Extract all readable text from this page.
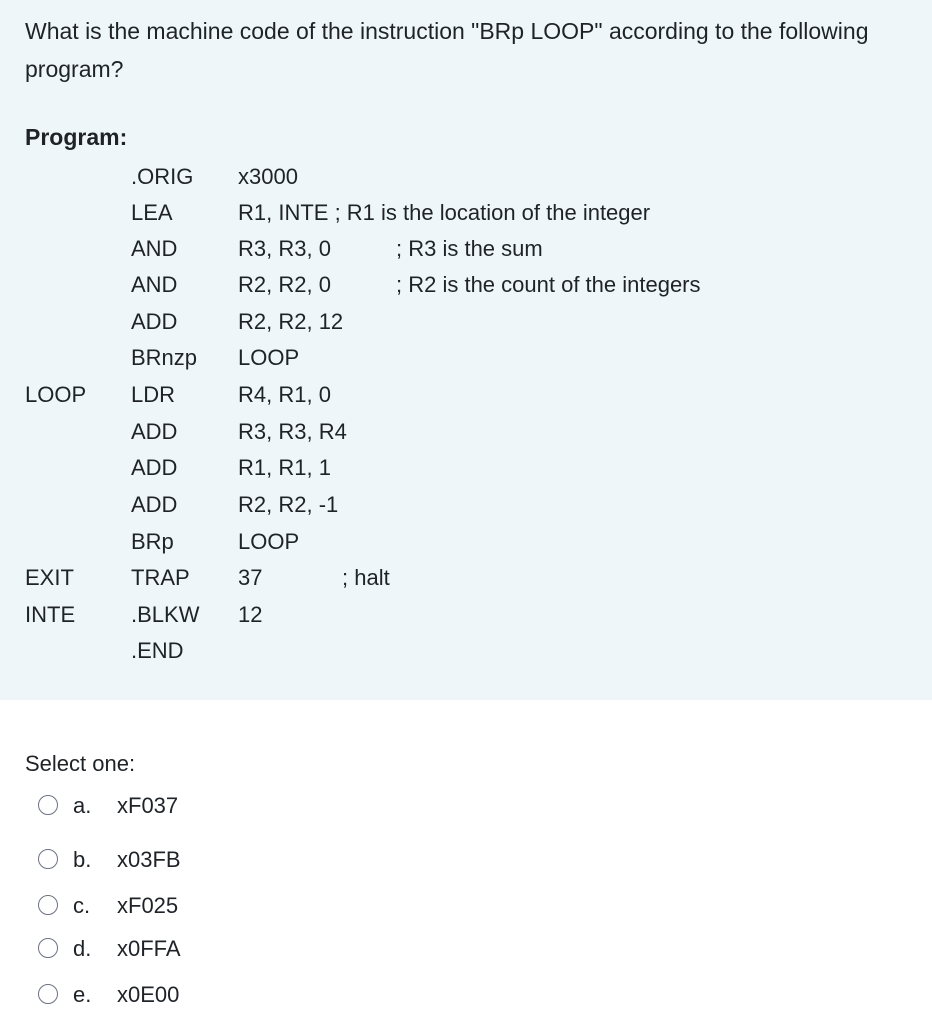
What is the machine code of the instruction "BRp LOOP" according to the following program?
Program:
.ORIG x3000
LEA	R1, INTE ; R1 is the location of the integer
AND	R3, R3, 0	; R3 is the sum
AND	R2, R2, 0	; R2 is the count of the integers
ADD	R2, R2, 12
BRnzp LOOP
LOOP LDR	R4, R1, 0
ADD	R3, R3, R4
ADD	R1, R1, 1
ADD	R2, R2, -1
BRp	LOOP
EXIT	TRAP 37	; halt
INTE	.BLKW 12
.END
Select one:
a. xF037
b. x03FB
c. xF025
d. x0FFA
e. x0E00
